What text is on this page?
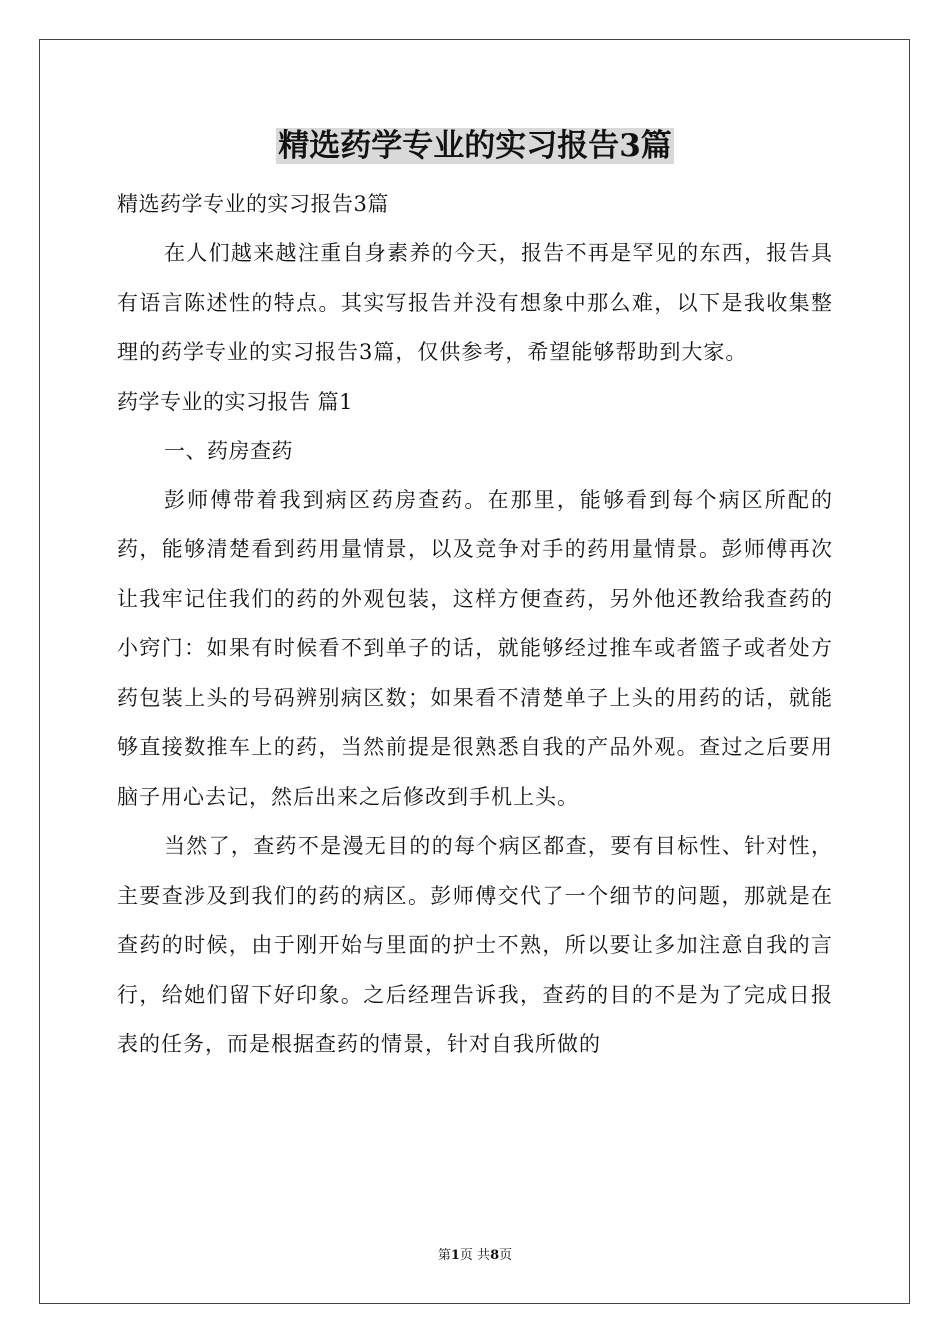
精选药学专业的实习报告3篇
精选药学专业的实习报告3篇

在人们越来越注重自身素养的今天，报告不再是罕见的东西，报告具有语言陈述性的特点。其实写报告并没有想象中那么难，以下是我收集整理的药学专业的实习报告3篇，仅供参考，希望能够帮助到大家。

药学专业的实习报告 篇1
一、药房查药

彭师傅带着我到病区药房查药。在那里，能够看到每个病区所配的药，能够清楚看到药用量情景，以及竞争对手的药用量情景。彭师傅再次让我牢记住我们的药的外观包装，这样方便查药，另外他还教给我查药的小窍门：如果有时候看不到单子的话，就能够经过推车或者篮子或者处方药包装上头的号码辨别病区数；如果看不清楚单子上头的用药的话，就能够直接数推车上的药，当然前提是很熟悉自我的产品外观。查过之后要用脑子用心去记，然后出来之后修改到手机上头。

当然了，查药不是漫无目的的每个病区都查，要有目标性、针对性，主要查涉及到我们的药的病区。彭师傅交代了一个细节的问题，那就是在查药的时候，由于刚开始与里面的护士不熟，所以要让多加注意自我的言行，给她们留下好印象。之后经理告诉我，查药的目的不是为了完成日报表的任务，而是根据查药的情景，针对自我所做的

第1页 共8页
